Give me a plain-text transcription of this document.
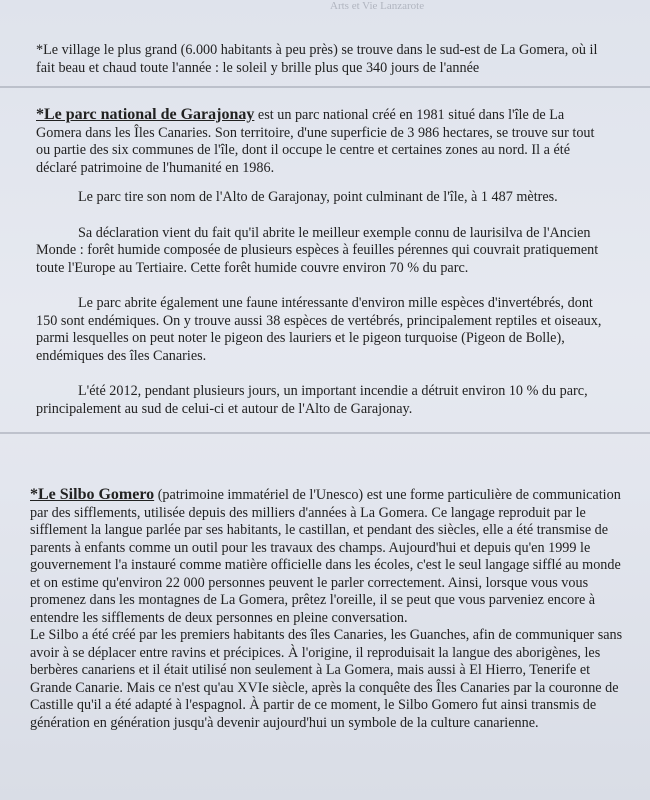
Arts et Vie Lanzarote

*Le village le plus grand (6.000 habitants à peu près) se trouve dans le sud-est de La Gomera, où il fait beau et chaud toute l'année : le soleil y brille plus que 340 jours de l'année

*Le parc national de Garajonay est un parc national créé en 1981 situé dans l'île de La Gomera dans les Îles Canaries. Son territoire, d'une superficie de 3 986 hectares, se trouve sur tout ou partie des six communes de l'île, dont il occupe le centre et certaines zones au nord. Il a été déclaré patrimoine de l'humanité en 1986.

Le parc tire son nom de l'Alto de Garajonay, point culminant de l'île, à 1 487 mètres.

Sa déclaration vient du fait qu'il abrite le meilleur exemple connu de laurisilva de l'Ancien Monde : forêt humide composée de plusieurs espèces à feuilles pérennes qui couvrait pratiquement toute l'Europe au Tertiaire. Cette forêt humide couvre environ 70 % du parc.

Le parc abrite également une faune intéressante d'environ mille espèces d'invertébrés, dont 150 sont endémiques. On y trouve aussi 38 espèces de vertébrés, principalement reptiles et oiseaux, parmi lesquelles on peut noter le pigeon des lauriers et le pigeon turquoise (Pigeon de Bolle), endémiques des îles Canaries.

L'été 2012, pendant plusieurs jours, un important incendie a détruit environ 10 % du parc, principalement au sud de celui-ci et autour de l'Alto de Garajonay.

*Le Silbo Gomero (patrimoine immatériel de l'Unesco) est une forme particulière de communication par des sifflements, utilisée depuis des milliers d'années à La Gomera. Ce langage reproduit par le sifflement la langue parlée par ses habitants, le castillan, et pendant des siècles, elle a été transmise de parents à enfants comme un outil pour les travaux des champs. Aujourd'hui et depuis qu'en 1999 le gouvernement l'a instauré comme matière officielle dans les écoles, c'est le seul langage sifflé au monde et on estime qu'environ 22 000 personnes peuvent le parler correctement. Ainsi, lorsque vous vous promenez dans les montagnes de La Gomera, prêtez l'oreille, il se peut que vous parveniez encore à entendre les sifflements de deux personnes en pleine conversation.

Le Silbo a été créé par les premiers habitants des îles Canaries, les Guanches, afin de communiquer sans avoir à se déplacer entre ravins et précipices. À l'origine, il reproduisait la langue des aborigènes, les berbères canariens et il était utilisé non seulement à La Gomera, mais aussi à El Hierro, Tenerife et Grande Canarie. Mais ce n'est qu'au XVIe siècle, après la conquête des Îles Canaries par la couronne de Castille qu'il a été adapté à l'espagnol. À partir de ce moment, le Silbo Gomero fut ainsi transmis de génération en génération jusqu'à devenir aujourd'hui un symbole de la culture canarienne.
